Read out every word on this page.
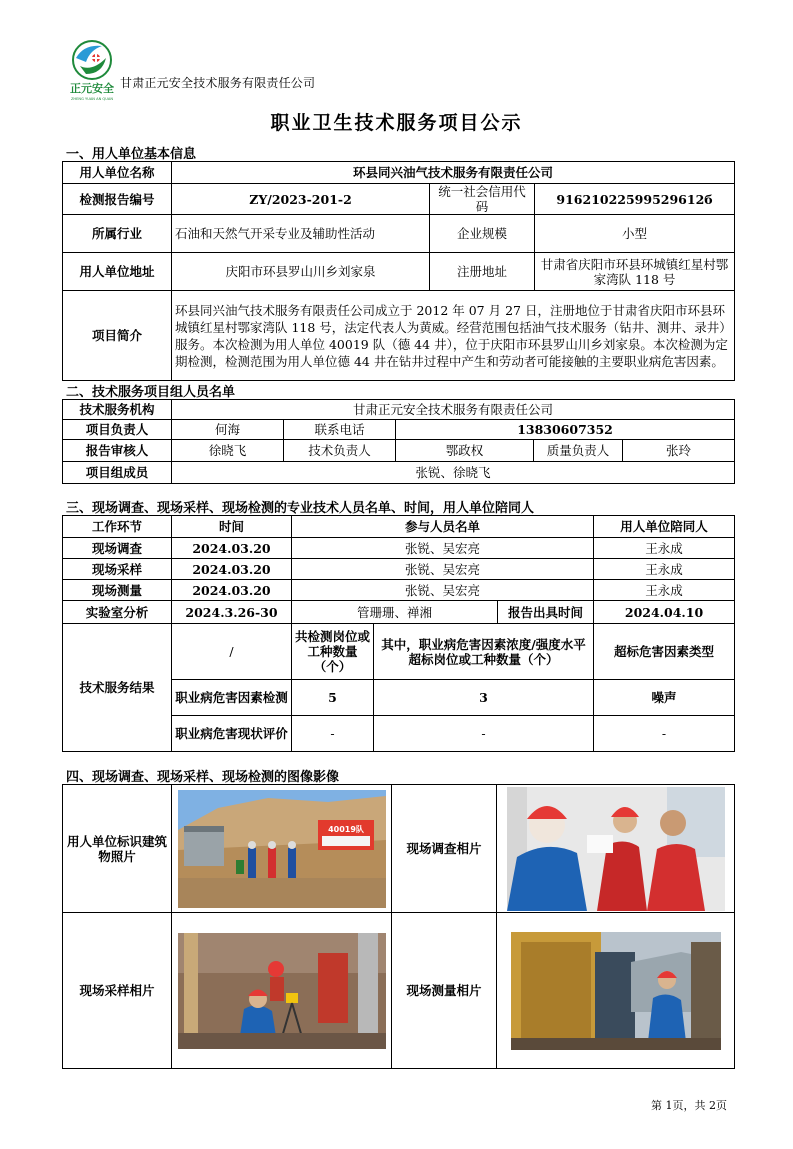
正元安全
ZHENG YUAN AN QUAN
甘肃正元安全技术服务有限责任公司
职业卫生技术服务项目公示
一、用人单位基本信息
用人单位名称	环县同兴油气技术服务有限责任公司		
检测报告编号	ZY/2023-201-2	统一社会信用代码	91621022599529612б
所属行业	石油和天然气开采专业及辅助性活动	企业规模	小型
用人单位地址	庆阳市环县罗山川乡刘家泉	注册地址	甘肃省庆阳市环县环城镇红星村鄂家湾队 118 号
项目简介	环县同兴油气技术服务有限责任公司成立于 2012 年 07 月 27 日，注册地位于甘肃省庆阳市环县环城镇红星村鄂家湾队 118 号，法定代表人为黄威。经营范围包括油气技术服务（钻井、测井、录井）服务。本次检测为用人单位 40019 队（德 44 井），位于庆阳市环县罗山川乡刘家泉。本次检测为定期检测，检测范围为用人单位德 44 井在钻井过程中产生和劳动者可能接触的主要职业病危害因素。		
二、技术服务项目组人员名单
技术服务机构	甘肃正元安全技术服务有限责任公司				
项目负责人	何海	联系电话	13830607352		
报告审核人	徐晓飞	技术负责人	鄂政权	质量负责人	张玲
项目组成员	张锐、徐晓飞				
三、现场调查、现场采样、现场检测的专业技术人员名单、时间，用人单位陪同人
工作环节	时间	参与人员名单			用人单位陪同人
现场调查	2024.03.20	张锐、吴宏亮			王永成
现场采样	2024.03.20	张锐、吴宏亮			王永成
现场测量	2024.03.20	张锐、吴宏亮			王永成
实验室分析	2024.3.26-30	管珊珊、禅湘		报告出具时间	2024.04.10
技术服务结果	/	共检测岗位或工种数量（个）	其中，职业病危害因素浓度/强度水平超标岗位或工种数量（个）		超标危害因素类型
	职业病危害因素检测	5	3		噪声
	职业病危害现状评价	-	-		-
四、现场调查、现场采样、现场检测的图像影像
用人单位标识建筑物照片	40019队	现场调查相片	

现场采样相片		现场测量相片	
第 1页，共 2页
